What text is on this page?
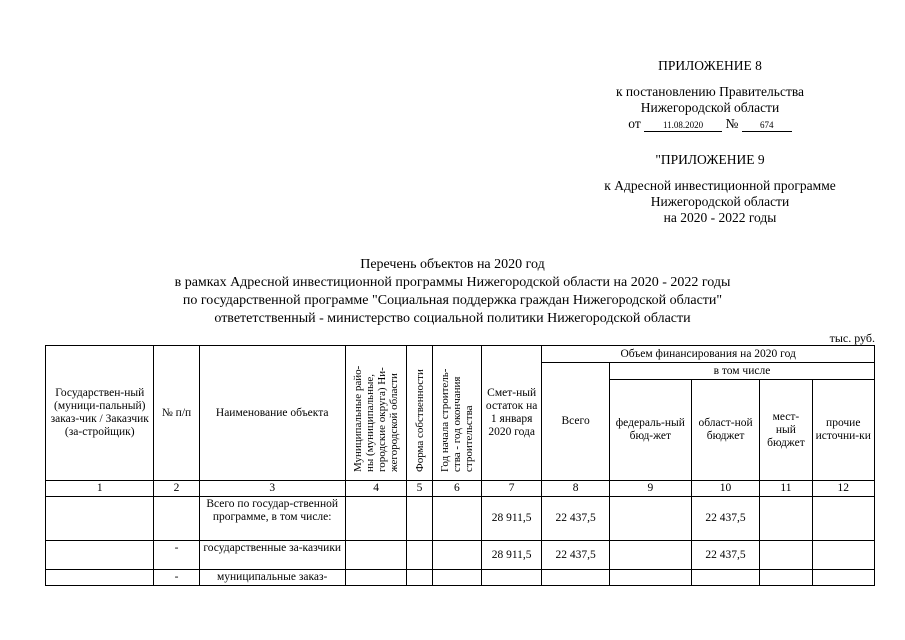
ПРИЛОЖЕНИЕ 8
к постановлению Правительства
Нижегородской области
от 11.08.2020 № 674
"ПРИЛОЖЕНИЕ 9
к Адресной инвестиционной программе
Нижегородской области
на 2020 - 2022 годы
Перечень объектов на 2020 год
в рамках Адресной инвестиционной программы Нижегородской области на 2020 - 2022 годы
по государственной программе "Социальная поддержка граждан Нижегородской области"
ответетственный - министерство социальной политики Нижегородской области
тыс. руб.
Государствен-ный (муници-пальный) заказ-чик / Заказчик (за-стройщик)	№ п/п	Наименование объекта	Муниципальные райо-ны (муниципальные, городские округа) Ни-жегородской области	Форма собственности	Год начала строитель-ства - год окончания строительства	Смет-ный остаток на 1 января 2020 года	Объем финансирования на 2020 год				
							Всего	в том числе			
								федераль-ный бюд-жет	област-ной бюджет	мест-ный бюджет	прочие источни-ки
1	2	3	4	5	6	7	8	9	10	11	12
		Всего по государ-ственной программе, в том числе:				28 911,5	22 437,5		22 437,5		
	-	государственные за-казчики				28 911,5	22 437,5		22 437,5		
	-	муниципальные заказ-									
